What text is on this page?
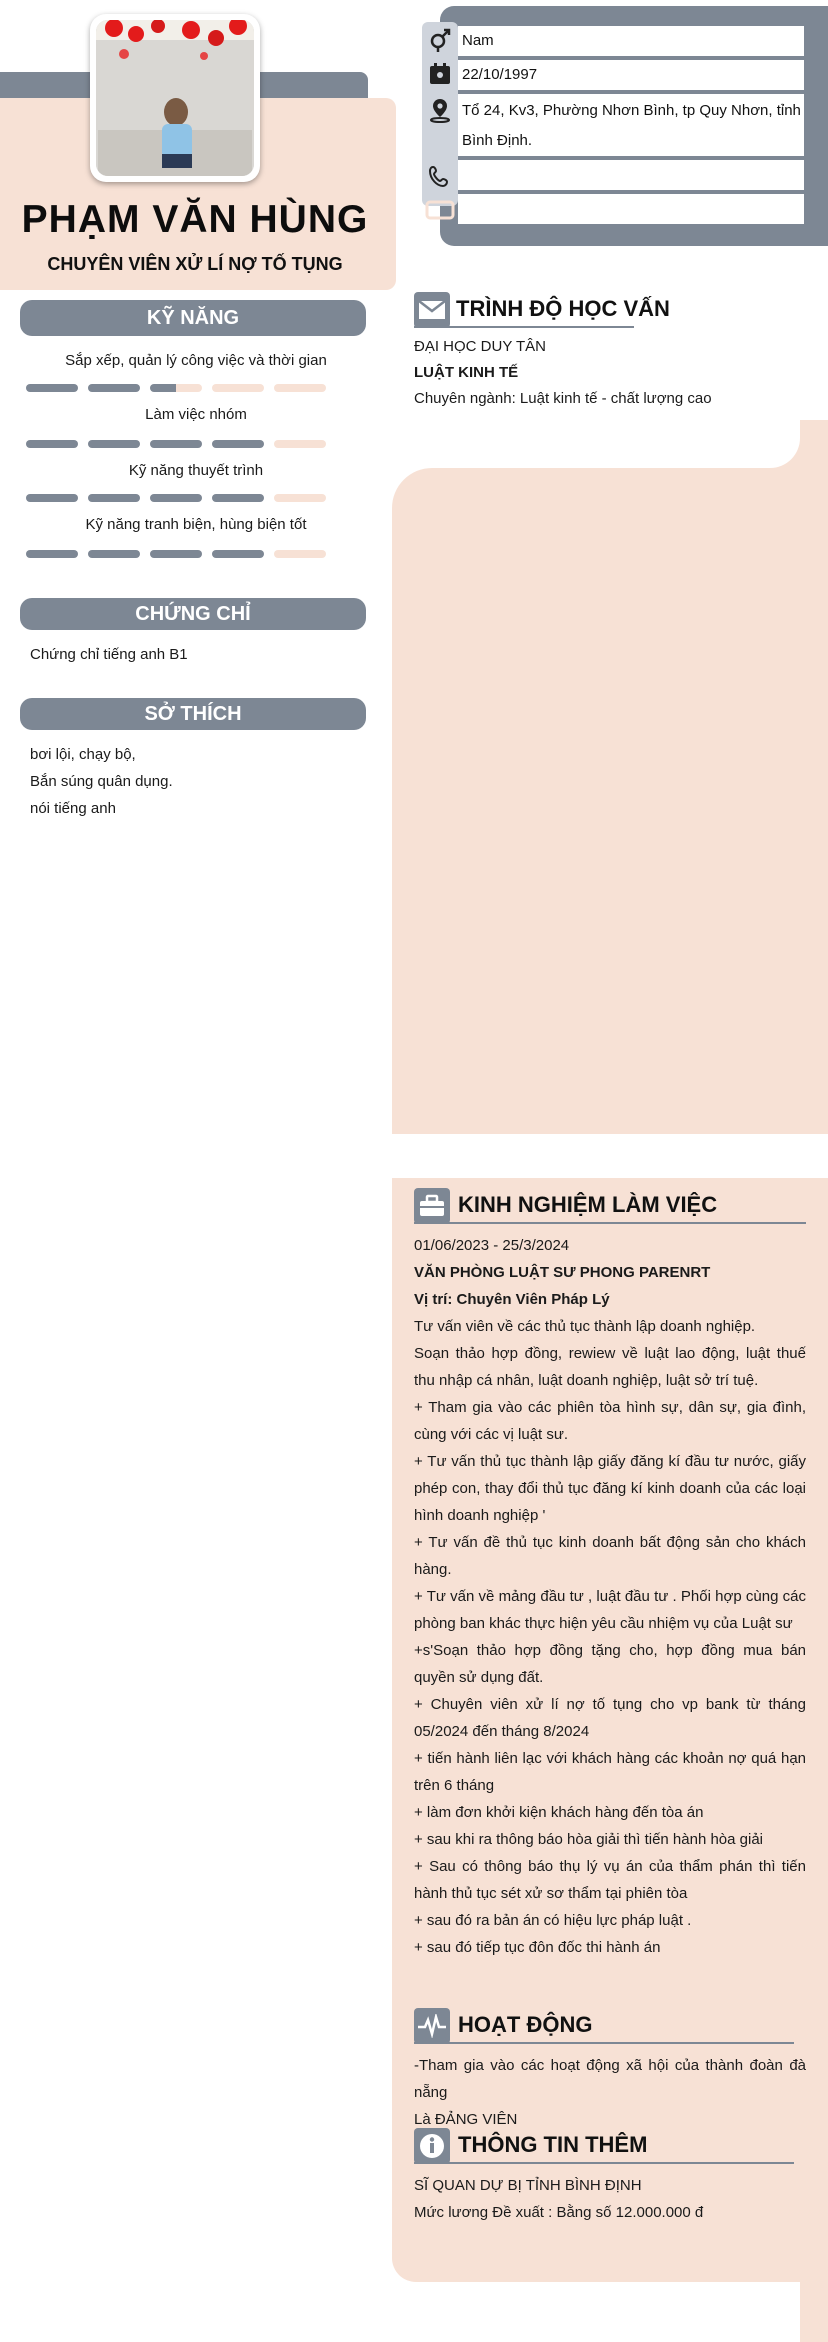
PHẠM VĂN HÙNG
CHUYÊN VIÊN XỬ LÍ NỢ TỐ TỤNG
KỸ NĂNG
Sắp xếp, quản lý công việc và thời gian
Làm việc nhóm
Kỹ năng thuyết trình
Kỹ năng tranh biện, hùng biện tốt
CHỨNG CHỈ
Chứng chỉ tiếng anh B1
SỞ THÍCH
bơi lội, chạy bộ,
Bắn súng quân dụng.
nói tiếng anh
Nam
22/10/1997
Tổ 24, Kv3, Phường Nhơn Bình, tp Quy Nhơn, tỉnh Bình Định.
TRÌNH ĐỘ HỌC VẤN
ĐẠI HỌC DUY TÂN
LUẬT KINH TẾ
Chuyên ngành: Luật kinh tế - chất lượng cao
KINH NGHIỆM LÀM VIỆC
01/06/2023 - 25/3/2024
VĂN PHÒNG LUẬT SƯ PHONG PARENRT
Vị trí: Chuyên Viên Pháp Lý
Tư vấn viên về các thủ tục thành lập doanh nghiệp.
Soạn thảo hợp đồng, rewiew về luật lao động, luật thuế thu nhập cá nhân, luật doanh nghiệp, luật sở trí tuệ.
+ Tham gia vào các phiên tòa hình sự, dân sự, gia đình, cùng với các vị luật sư.
+ Tư vấn thủ tục thành lập giấy đăng kí đầu tư nước, giấy phép con, thay đổi thủ tục đăng kí kinh doanh của các loại hình doanh nghiệp '
+ Tư vấn đề thủ tục kinh doanh bất động sản cho khách hàng.
+ Tư vấn về mảng đầu tư , luật đầu tư . Phối hợp cùng các phòng ban khác thực hiện yêu cầu nhiệm vụ của Luật sư
+s'Soạn thảo hợp đồng tặng cho, hợp đồng mua bán quyền sử dụng đất.
+ Chuyên viên xử lí nợ tố tụng cho vp bank từ tháng 05/2024 đến tháng 8/2024
+ tiến hành liên lạc với khách hàng các khoản nợ quá hạn trên 6 tháng
+ làm đơn khởi kiện khách hàng đến tòa án
+ sau khi ra thông báo hòa giải thì tiến hành hòa giải
+ Sau có thông báo thụ lý vụ án của thẩm phán thì tiến hành thủ tục sét xử sơ thẩm tại phiên tòa
+ sau đó ra bản án có hiệu lực pháp luật .
+ sau đó tiếp tục đôn đốc thi hành án
HOẠT ĐỘNG
-Tham gia vào các hoạt động xã hội của thành đoàn đà nẵng
Là ĐẢNG VIÊN
THÔNG TIN THÊM
SĨ QUAN DỰ BỊ TỈNH BÌNH ĐỊNH
Mức lương Đề xuất : Bằng số 12.000.000 đ
